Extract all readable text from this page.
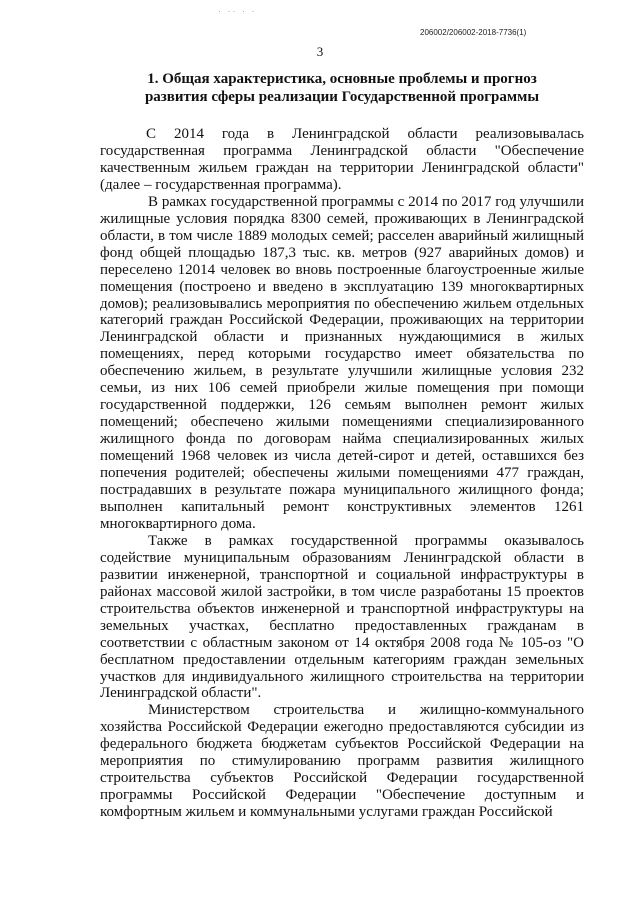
· ·· · ·
206002/206002-2018-7736(1)
3
1. Общая характеристика, основные проблемы и прогноз
развития сферы реализации Государственной программы

С 2014 года в Ленинградской области реализовывалась государственная программа Ленинградской области "Обеспечение качественным жильем граждан на территории Ленинградской области" (далее – государственная программа).

В рамках государственной программы с 2014 по 2017 год улучшили жилищные условия порядка 8300 семей, проживающих в Ленинградской области, в том числе 1889 молодых семей; расселен аварийный жилищный фонд общей площадью 187,3 тыс. кв. метров (927 аварийных домов) и переселено 12014 человек во вновь построенные благоустроенные жилые помещения (построено и введено в эксплуатацию 139 многоквартирных домов); реализовывались мероприятия по обеспечению жильем отдельных категорий граждан Российской Федерации, проживающих на территории Ленинградской области и признанных нуждающимися в жилых помещениях, перед которыми государство имеет обязательства по обеспечению жильем, в результате улучшили жилищные условия 232 семьи, из них 106 семей приобрели жилые помещения при помощи государственной поддержки, 126 семьям выполнен ремонт жилых помещений; обеспечено жилыми помещениями специализированного жилищного фонда по договорам найма специализированных жилых помещений 1968 человек из числа детей-сирот и детей, оставшихся без попечения родителей; обеспечены жилыми помещениями 477 граждан, пострадавших в результате пожара муниципального жилищного фонда; выполнен капитальный ремонт конструктивных элементов 1261 многоквартирного дома.

Также в рамках государственной программы оказывалось содействие муниципальным образованиям Ленинградской области в развитии инженерной, транспортной и социальной инфраструктуры в районах массовой жилой застройки, в том числе разработаны 15 проектов строительства объектов инженерной и транспортной инфраструктуры на земельных участках, бесплатно предоставленных гражданам в соответствии с областным законом от 14 октября 2008 года № 105-оз "О бесплатном предоставлении отдельным категориям граждан земельных участков для индивидуального жилищного строительства на территории Ленинградской области".

Министерством строительства и жилищно-коммунального хозяйства Российской Федерации ежегодно предоставляются субсидии из федерального бюджета бюджетам субъектов Российской Федерации на мероприятия по стимулированию программ развития жилищного строительства субъектов Российской Федерации государственной программы Российской Федерации "Обеспечение доступным и комфортным жильем и коммунальными услугами граждан Российской
